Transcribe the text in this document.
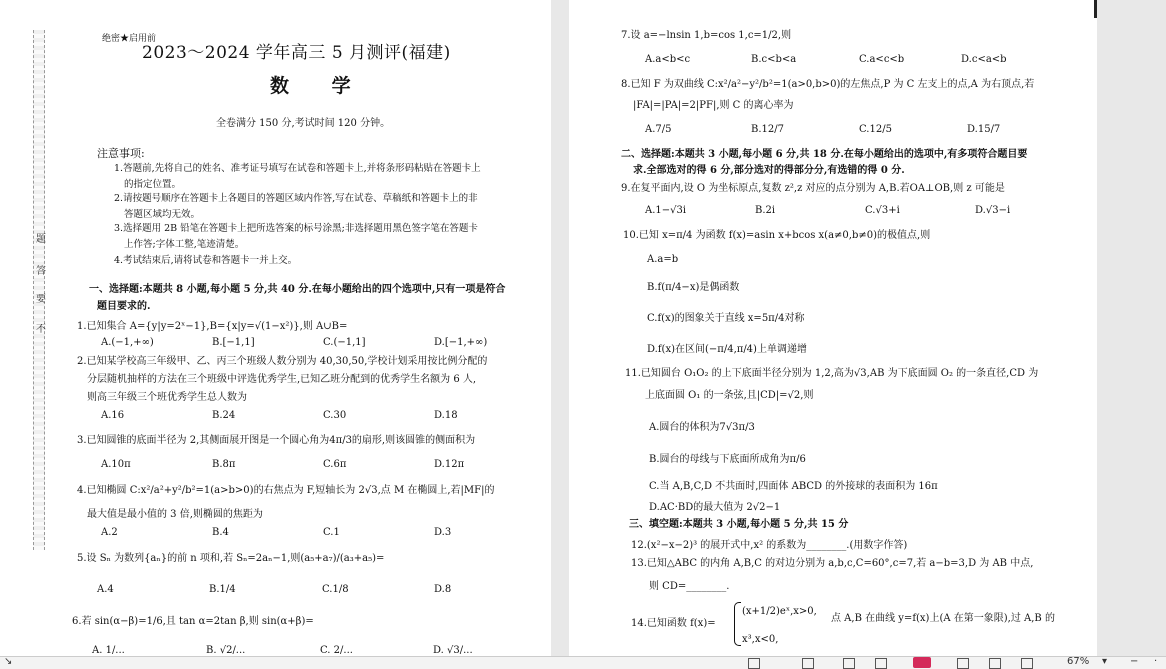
题
答
要
不
绝密★启用前
2023～2024 学年高三 5 月测评(福建)
数 学
全卷满分 150 分,考试时间 120 分钟。
注意事项:
1.答题前,先将自己的姓名、准考证号填写在试卷和答题卡上,并将条形码粘贴在答题卡上
的指定位置。
2.请按题号顺序在答题卡上各题目的答题区域内作答,写在试卷、草稿纸和答题卡上的非
答题区域均无效。
3.选择题用 2B 铅笔在答题卡上把所选答案的标号涂黑;非选择题用黑色签字笔在答题卡
上作答;字体工整,笔迹清楚。
4.考试结束后,请将试卷和答题卡一并上交。
一、选择题:本题共 8 小题,每小题 5 分,共 40 分.在每小题给出的四个选项中,只有一项是符合
题目要求的.
1.已知集合 A={y|y=2ˣ−1},B={x|y=√(1−x²)},则 A∪B=
A.(−1,+∞)	B.[−1,1]	C.(−1,1]	D.[−1,+∞)
2.已知某学校高三年级甲、乙、丙三个班级人数分别为 40,30,50,学校计划采用按比例分配的
分层随机抽样的方法在三个班级中评选优秀学生,已知乙班分配到的优秀学生名额为 6 人,
则高三年级三个班优秀学生总人数为
A.16	B.24	C.30	D.18
3.已知圆锥的底面半径为 2,其侧面展开图是一个圆心角为4π/3的扇形,则该圆锥的侧面积为
A.10π	B.8π	C.6π	D.12π
4.已知椭圆 C:x²/a²+y²/b²=1(a>b>0)的右焦点为 F,短轴长为 2√3,点 M 在椭圆上,若|MF|的
最大值是最小值的 3 倍,则椭圆的焦距为
A.2	B.4	C.1	D.3
5.设 Sₙ 为数列{aₙ}的前 n 项和,若 Sₙ=2aₙ−1,则(a₅+a₇)/(a₃+a₅)=
A.4	B.1/4	C.1/8	D.8
6.若 sin(α−β)=1/6,且 tan α=2tan β,则 sin(α+β)=
A. 1/...	B. √2/...	C. 2/...	D. √3/...
7.设 a=−lnsin 1,b=cos 1,c=1/2,则
A.a<b<c	B.c<b<a	C.a<c<b	D.c<a<b
8.已知 F 为双曲线 C:x²/a²−y²/b²=1(a>0,b>0)的左焦点,P 为 C 左支上的点,A 为右顶点,若
|FA|=|PA|=2|PF|,则 C 的离心率为
A.7/5	B.12/7	C.12/5	D.15/7
二、选择题:本题共 3 小题,每小题 6 分,共 18 分.在每小题给出的选项中,有多项符合题目要
求.全部选对的得 6 分,部分选对的得部分分,有选错的得 0 分.
9.在复平面内,设 O 为坐标原点,复数 z²,z 对应的点分别为 A,B.若OA⊥OB,则 z 可能是
A.1−√3i	B.2i	C.√3+i	D.√3−i
10.已知 x=π/4 为函数 f(x)=asin x+bcos x(a≠0,b≠0)的极值点,则
A.a=b
B.f(π/4−x)是偶函数
C.f(x)的图象关于直线 x=5π/4对称
D.f(x)在区间(−π/4,π/4)上单调递增
11.已知圆台 O₁O₂ 的上下底面半径分别为 1,2,高为√3,AB 为下底面圆 O₂ 的一条直径,CD 为
上底面圆 O₁ 的一条弦,且|CD|=√2,则
A.圆台的体积为7√3π/3
B.圆台的母线与下底面所成角为π/6
C.当 A,B,C,D 不共面时,四面体 ABCD 的外接球的表面积为 16π
D.AC·BD的最大值为 2√2−1
三、填空题:本题共 3 小题,每小题 5 分,共 15 分
12.(x²−x−2)³ 的展开式中,x² 的系数为________.(用数字作答)
13.已知△ABC 的内角 A,B,C 的对边分别为 a,b,c,C=60°,c=7,若 a−b=3,D 为 AB 中点,
则 CD=________.
14.已知函数 f(x)=
(x+1/2)eˣ,x>0,
x³,x<0,
点 A,B 在曲线 y=f(x)上(A 在第一象限),过 A,B 的
↘	67% ▾ − ·
